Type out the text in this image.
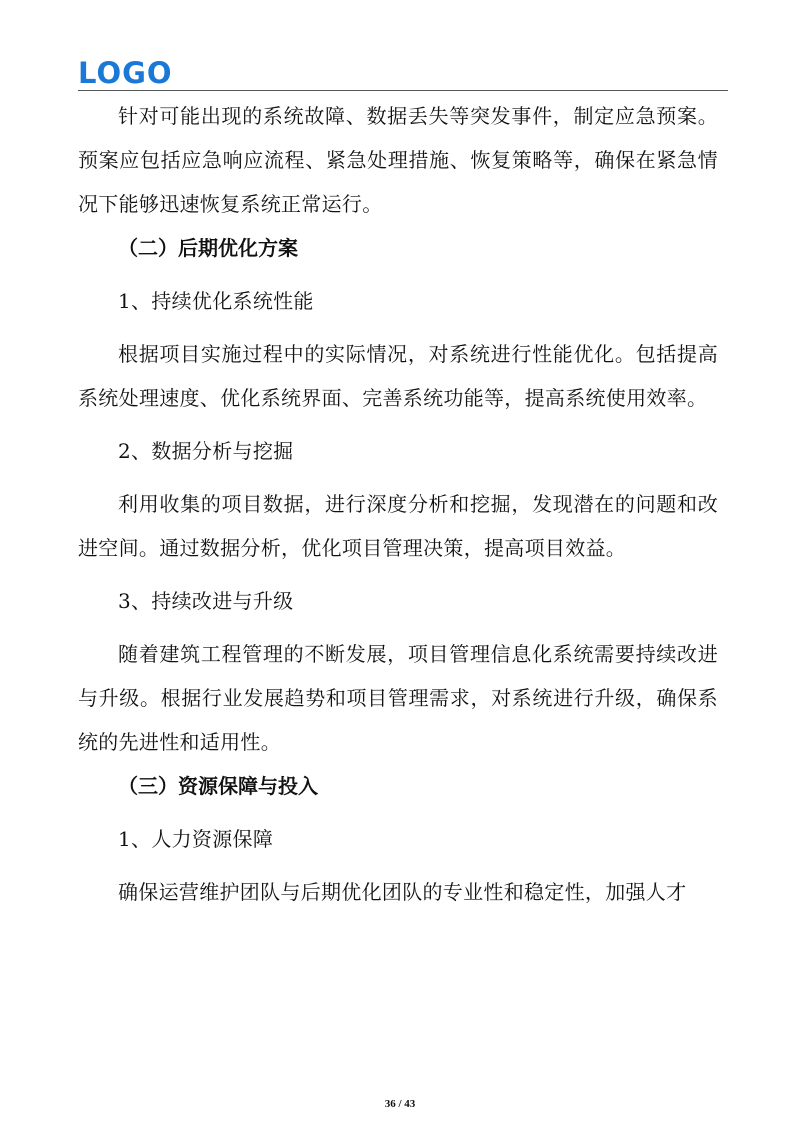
LOGO

针对可能出现的系统故障、数据丢失等突发事件，制定应急预案。预案应包括应急响应流程、紧急处理措施、恢复策略等，确保在紧急情况下能够迅速恢复系统正常运行。

（二）后期优化方案

1、持续优化系统性能

根据项目实施过程中的实际情况，对系统进行性能优化。包括提高系统处理速度、优化系统界面、完善系统功能等，提高系统使用效率。

2、数据分析与挖掘

利用收集的项目数据，进行深度分析和挖掘，发现潜在的问题和改进空间。通过数据分析，优化项目管理决策，提高项目效益。

3、持续改进与升级

随着建筑工程管理的不断发展，项目管理信息化系统需要持续改进与升级。根据行业发展趋势和项目管理需求，对系统进行升级，确保系统的先进性和适用性。

（三）资源保障与投入

1、人力资源保障

确保运营维护团队与后期优化团队的专业性和稳定性，加强人才

36 / 43
